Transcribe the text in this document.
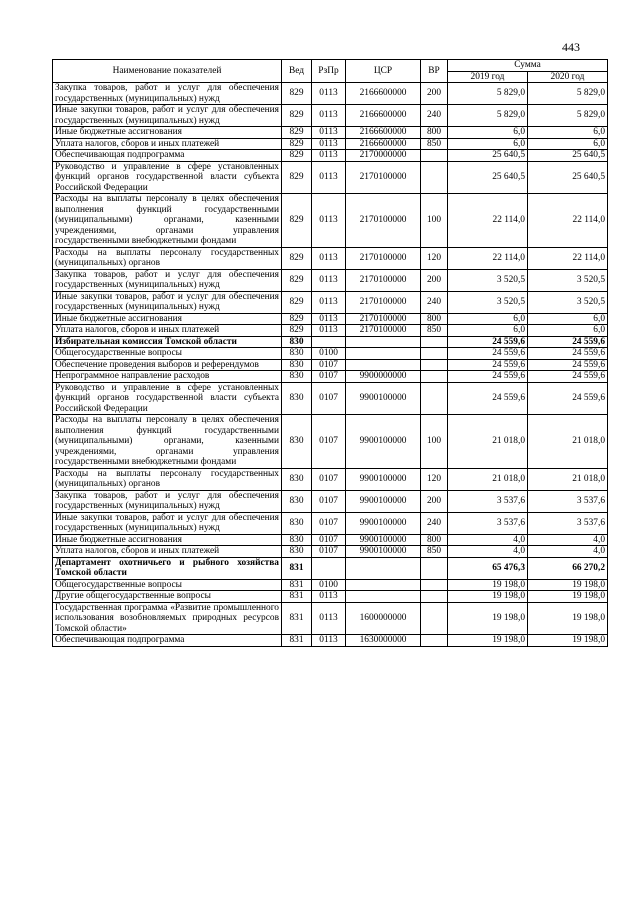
443
Наименование показателей	Вед	РзПр	ЦСР	ВР	Сумма	
					2019 год	2020 год
Закупка товаров, работ и услуг для обеспечения государственных (муниципальных) нужд	829	0113	2166600000	200	5 829,0	5 829,0
Иные закупки товаров, работ и услуг для обеспечения государственных (муниципальных) нужд	829	0113	2166600000	240	5 829,0	5 829,0
Иные бюджетные ассигнования	829	0113	2166600000	800	6,0	6,0
Уплата налогов, сборов и иных платежей	829	0113	2166600000	850	6,0	6,0
Обеспечивающая подпрограмма	829	0113	2170000000		25 640,5	25 640,5
Руководство и управление в сфере установленных функций органов государственной власти субъекта Российской Федерации	829	0113	2170100000		25 640,5	25 640,5
Расходы на выплаты персоналу в целях обеспечения выполнения функций государственными (муниципальными) органами, казенными учреждениями, органами управления государственными внебюджетными фондами	829	0113	2170100000	100	22 114,0	22 114,0
Расходы на выплаты персоналу государственных (муниципальных) органов	829	0113	2170100000	120	22 114,0	22 114,0
Закупка товаров, работ и услуг для обеспечения государственных (муниципальных) нужд	829	0113	2170100000	200	3 520,5	3 520,5
Иные закупки товаров, работ и услуг для обеспечения государственных (муниципальных) нужд	829	0113	2170100000	240	3 520,5	3 520,5
Иные бюджетные ассигнования	829	0113	2170100000	800	6,0	6,0
Уплата налогов, сборов и иных платежей	829	0113	2170100000	850	6,0	6,0
Избирательная комиссия Томской области	830				24 559,6	24 559,6
Общегосударственные вопросы	830	0100			24 559,6	24 559,6
Обеспечение проведения выборов и референдумов	830	0107			24 559,6	24 559,6
Непрограммное направление расходов	830	0107	9900000000		24 559,6	24 559,6
Руководство и управление в сфере установленных функций органов государственной власти субъекта Российской Федерации	830	0107	9900100000		24 559,6	24 559,6
Расходы на выплаты персоналу в целях обеспечения выполнения функций государственными (муниципальными) органами, казенными учреждениями, органами управления государственными внебюджетными фондами	830	0107	9900100000	100	21 018,0	21 018,0
Расходы на выплаты персоналу государственных (муниципальных) органов	830	0107	9900100000	120	21 018,0	21 018,0
Закупка товаров, работ и услуг для обеспечения государственных (муниципальных) нужд	830	0107	9900100000	200	3 537,6	3 537,6
Иные закупки товаров, работ и услуг для обеспечения государственных (муниципальных) нужд	830	0107	9900100000	240	3 537,6	3 537,6
Иные бюджетные ассигнования	830	0107	9900100000	800	4,0	4,0
Уплата налогов, сборов и иных платежей	830	0107	9900100000	850	4,0	4,0
Департамент охотничьего и рыбного хозяйства Томской области	831				65 476,3	66 270,2
Общегосударственные вопросы	831	0100			19 198,0	19 198,0
Другие общегосударственные вопросы	831	0113			19 198,0	19 198,0
Государственная программа «Развитие промышленного использования возобновляемых природных ресурсов Томской области»	831	0113	1600000000		19 198,0	19 198,0
Обеспечивающая подпрограмма	831	0113	1630000000		19 198,0	19 198,0
